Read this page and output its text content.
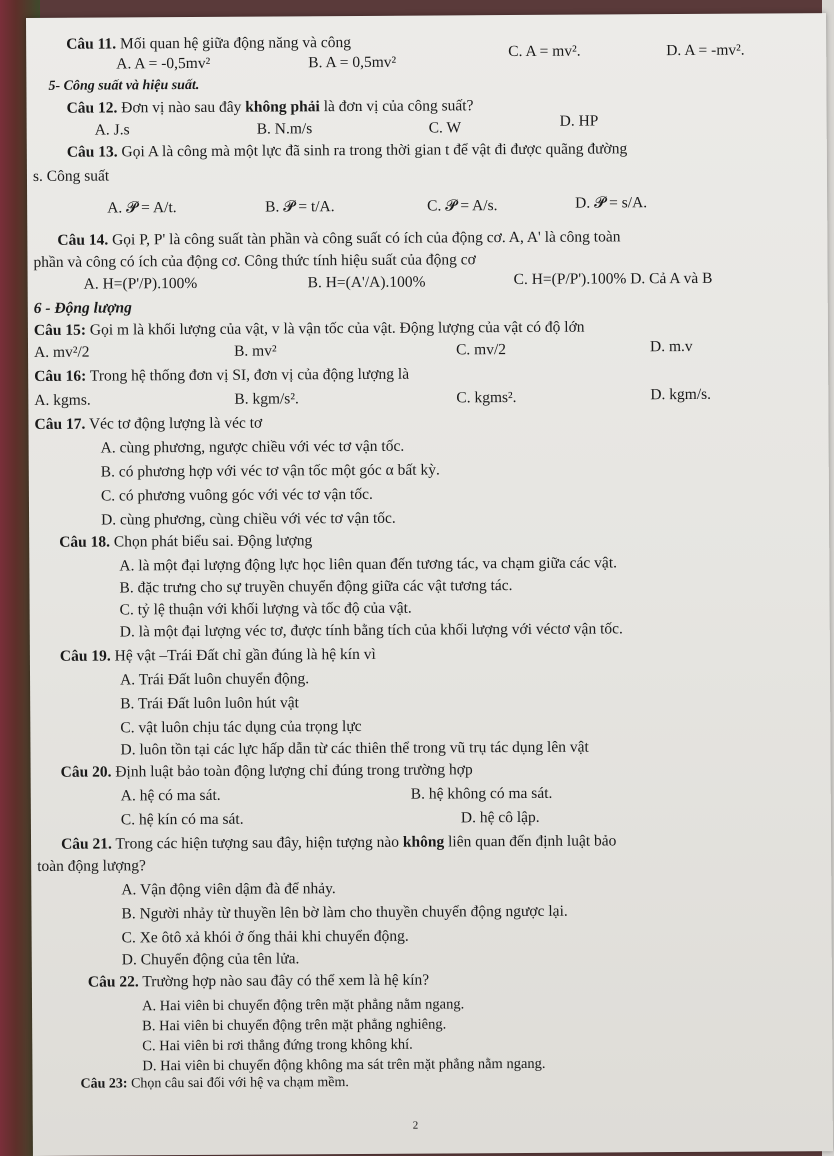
Câu 11. Mối quan hệ giữa động năng và công
A. A = -0,5mv²	B. A = 0,5mv²
C. A = mv².	D. A = -mv².
5- Công suất và hiệu suất.
Câu 12. Đơn vị nào sau đây không phải là đơn vị của công suất?
A. J.s	B. N.m/s	C. W	D. HP
Câu 13. Gọi A là công mà một lực đã sinh ra trong thời gian t để vật đi được quãng đường
s. Công suất
A. 𝓟 = A/t.	B. 𝓟 = t/A.	C. 𝓟 = A/s.	D. 𝓟 = s/A.
Câu 14. Gọi P, P' là công suất tàn phần và công suất có ích của động cơ. A, A' là công toàn
phần và công có ích của động cơ. Công thức tính hiệu suất của động cơ
A. H=(P'/P).100%	B. H=(A'/A).100%	C. H=(P/P').100% D. Cả A và B
6 - Động lượng
Câu 15: Gọi m là khối lượng của vật, v là vận tốc của vật. Động lượng của vật có độ lớn
A. mv²/2	B. mv²	C. mv/2	D. m.v
Câu 16: Trong hệ thống đơn vị SI, đơn vị của động lượng là
A. kgms.	B. kgm/s².	C. kgms².	D. kgm/s.
Câu 17. Véc tơ động lượng là véc tơ
A. cùng phương, ngược chiều với véc tơ vận tốc.
B. có phương hợp với véc tơ vận tốc một góc α bất kỳ.
C. có phương vuông góc với véc tơ vận tốc.
D. cùng phương, cùng chiều với véc tơ vận tốc.
Câu 18. Chọn phát biểu sai. Động lượng
A. là một đại lượng động lực học liên quan đến tương tác, va chạm giữa các vật.
B. đặc trưng cho sự truyền chuyển động giữa các vật tương tác.
C. tỷ lệ thuận với khối lượng và tốc độ của vật.
D. là một đại lượng véc tơ, được tính bằng tích của khối lượng với véctơ vận tốc.
Câu 19. Hệ vật –Trái Đất chỉ gần đúng là hệ kín vì
A. Trái Đất luôn chuyển động.
B. Trái Đất luôn luôn hút vật
C. vật luôn chịu tác dụng của trọng lực
D. luôn tồn tại các lực hấp dẫn từ các thiên thể trong vũ trụ tác dụng lên vật
Câu 20. Định luật bảo toàn động lượng chỉ đúng trong trường hợp
A. hệ có ma sát.	B. hệ không có ma sát.
C. hệ kín có ma sát.	D. hệ cô lập.
Câu 21. Trong các hiện tượng sau đây, hiện tượng nào không liên quan đến định luật bảo
toàn động lượng?
A. Vận động viên dậm đà để nhảy.
B. Người nhảy từ thuyền lên bờ làm cho thuyền chuyển động ngược lại.
C. Xe ôtô xả khói ở ống thải khi chuyển động.
D. Chuyển động của tên lửa.
Câu 22. Trường hợp nào sau đây có thể xem là hệ kín?
A. Hai viên bi chuyển động trên mặt phẳng nằm ngang.
B. Hai viên bi chuyển động trên mặt phẳng nghiêng.
C. Hai viên bi rơi thẳng đứng trong không khí.
D. Hai viên bi chuyển động không ma sát trên mặt phẳng nằm ngang.
Câu 23: Chọn câu sai đối với hệ va chạm mềm.
2
